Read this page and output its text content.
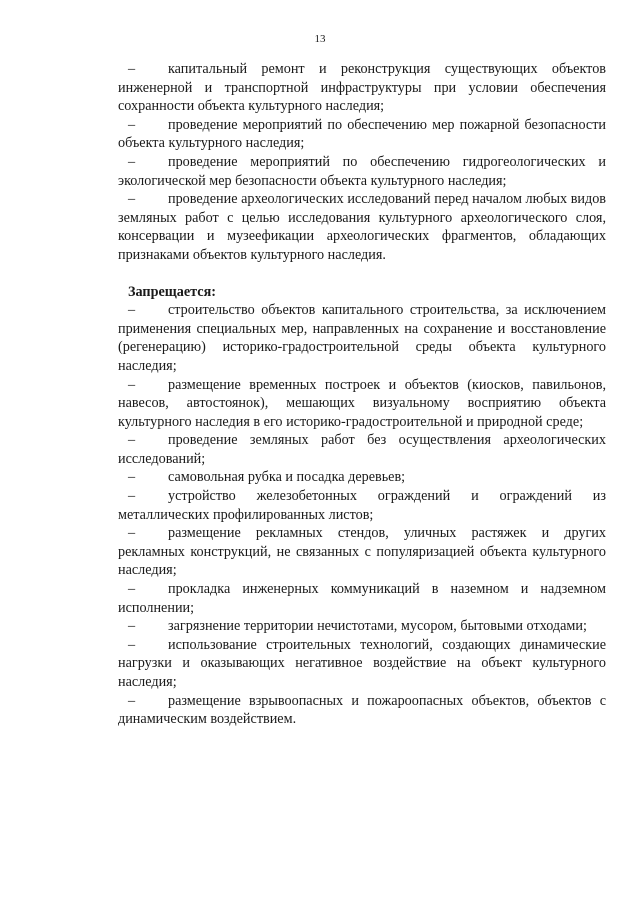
13

– капитальный ремонт и реконструкция существующих объектов инженерной и транспортной инфраструктуры при условии обеспечения сохранности объекта культурного наследия;

– проведение мероприятий по обеспечению мер пожарной безопасности объекта культурного наследия;

– проведение мероприятий по обеспечению гидрогеологических и экологической мер безопасности объекта культурного наследия;

– проведение археологических исследований перед началом любых видов земляных работ с целью исследования культурного археологического слоя, консервации и музеефикации археологических фрагментов, обладающих признаками объектов культурного наследия.

Запрещается:

– строительство объектов капитального строительства, за исключением применения специальных мер, направленных на сохранение и восстановление (регенерацию) историко-градостроительной среды объекта культурного наследия;

– размещение временных построек и объектов (киосков, павильонов, навесов, автостоянок), мешающих визуальному восприятию объекта культурного наследия в его историко-градостроительной и природной среде;

– проведение земляных работ без осуществления археологических исследований;

– самовольная рубка и посадка деревьев;

– устройство железобетонных ограждений и ограждений из металлических профилированных листов;

– размещение рекламных стендов, уличных растяжек и других рекламных конструкций, не связанных с популяризацией объекта культурного наследия;

– прокладка инженерных коммуникаций в наземном и надземном исполнении;

– загрязнение территории нечистотами, мусором, бытовыми отходами;

– использование строительных технологий, создающих динамические нагрузки и оказывающих негативное воздействие на объект культурного наследия;

– размещение взрывоопасных и пожароопасных объектов, объектов с динамическим воздействием.
